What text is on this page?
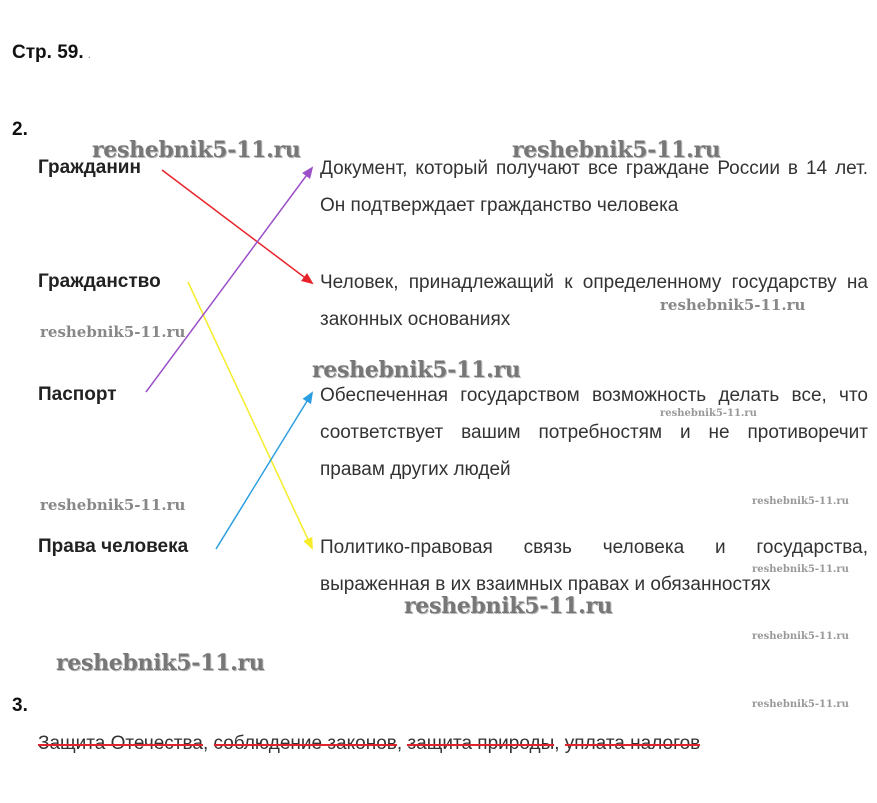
Стр. 59. .
2.
Гражданин
Гражданство
Паспорт
Права человека
Документ, который получают все граждане России в 14 лет. Он подтверждает гражданство человека
Человек, принадлежащий к определенному государству на законных основаниях
Обеспеченная государством возможность делать все, что соответствует вашим потребностям и не противоречит правам других людей
Политико-правовая связь человека и государства, выраженная в их взаимных правах и обязанностях
reshebnik5-11.ru	reshebnik5-11.ru
reshebnik5-11.ru
reshebnik5-11.ru
reshebnik5-11.ru
reshebnik5-11.ru
reshebnik5-11.ru	reshebnik5-11.ru
reshebnik5-11.ru
reshebnik5-11.ru
reshebnik5-11.ru
reshebnik5-11.ru
reshebnik5-11.ru
3.
,	,	,
